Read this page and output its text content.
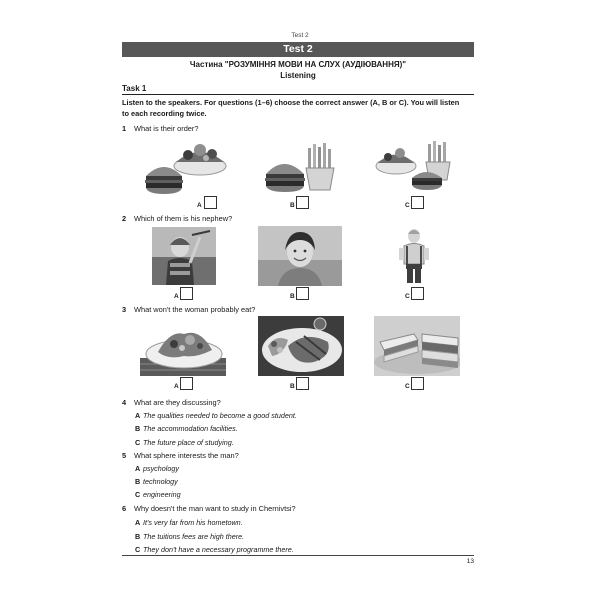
Test 2
Test 2
Частина "РОЗУМІННЯ МОВИ НА СЛУХ (АУДІЮВАННЯ)"
Listening
Task 1
Listen to the speakers. For questions (1–6) choose the correct answer (A, B or C). You will listen
to each recording twice.
1 What is their order?
A	B	C
2 Which of them is his nephew?
A	B	C
3 What won't the woman probably eat?
A	B	C
4 What are they discussing?
A The qualities needed to become a good student.
B The accommodation facilities.
C The future place of studying.
5 What sphere interests the man?
A psychology
B technology
C engineering
6 Why doesn't the man want to study in Chernivtsi?
A It's very far from his hometown.
B The tuitions fees are high there.
C They don't have a necessary programme there.
13
